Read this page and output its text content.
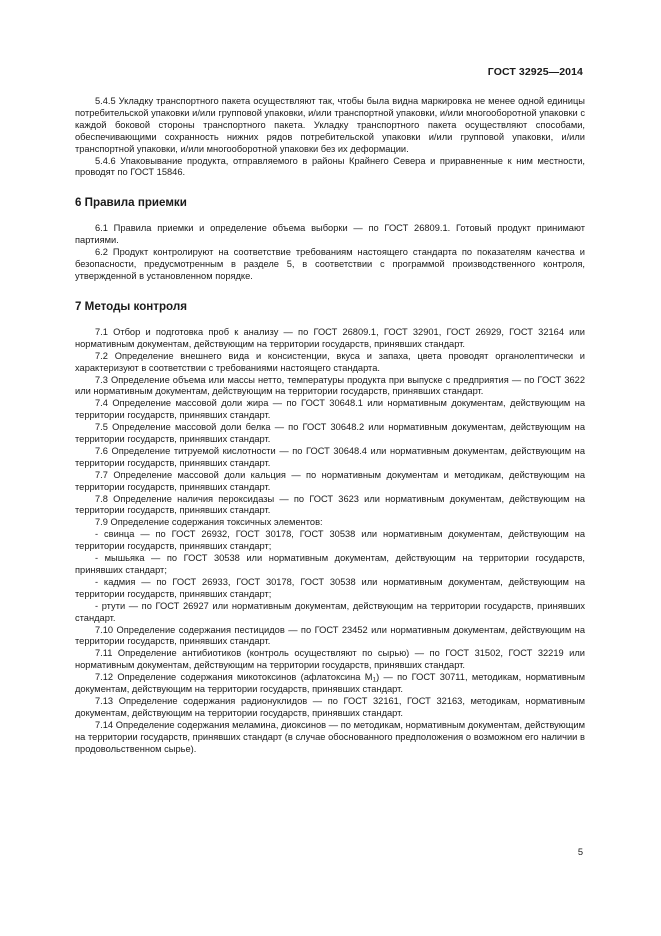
ГОСТ 32925—2014

5.4.5 Укладку транспортного пакета осуществляют так, чтобы была видна маркировка не менее одной единицы потребительской упаковки и/или групповой упаковки, и/или транспортной упаковки, и/или многооборотной упаковки с каждой боковой стороны транспортного пакета. Укладку транспортного пакета осуществляют способами, обеспечивающими сохранность нижних рядов потребительской упаковки и/или групповой упаковки, и/или транспортной упаковки, и/или многооборотной упаковки без их деформации.

5.4.6 Упаковывание продукта, отправляемого в районы Крайнего Севера и приравненные к ним местности, проводят по ГОСТ 15846.

6 Правила приемки

6.1 Правила приемки и определение объема выборки — по ГОСТ 26809.1. Готовый продукт принимают партиями.

6.2 Продукт контролируют на соответствие требованиям настоящего стандарта по показателям качества и безопасности, предусмотренным в разделе 5, в соответствии с программой производственного контроля, утвержденной в установленном порядке.

7 Методы контроля

7.1 Отбор и подготовка проб к анализу — по ГОСТ 26809.1, ГОСТ 32901, ГОСТ 26929, ГОСТ 32164 или нормативным документам, действующим на территории государств, принявших стандарт.

7.2 Определение внешнего вида и консистенции, вкуса и запаха, цвета проводят органолептически и характеризуют в соответствии с требованиями настоящего стандарта.

7.3 Определение объема или массы нетто, температуры продукта при выпуске с предприятия — по ГОСТ 3622 или нормативным документам, действующим на территории государств, принявших стандарт.

7.4 Определение массовой доли жира — по ГОСТ 30648.1 или нормативным документам, действующим на территории государств, принявших стандарт.

7.5 Определение массовой доли белка — по ГОСТ 30648.2 или нормативным документам, действующим на территории государств, принявших стандарт.

7.6 Определение титруемой кислотности — по ГОСТ 30648.4 или нормативным документам, действующим на территории государств, принявших стандарт.

7.7 Определение массовой доли кальция — по нормативным документам и методикам, действующим на территории государств, принявших стандарт.

7.8 Определение наличия пероксидазы — по ГОСТ 3623 или нормативным документам, действующим на территории государств, принявших стандарт.

7.9 Определение содержания токсичных элементов:

- свинца — по ГОСТ 26932, ГОСТ 30178, ГОСТ 30538 или нормативным документам, действующим на территории государств, принявших стандарт;

- мышьяка — по ГОСТ 30538 или нормативным документам, действующим на территории государств, принявших стандарт;

- кадмия — по ГОСТ 26933, ГОСТ 30178, ГОСТ 30538 или нормативным документам, действующим на территории государств, принявших стандарт;

- ртути — по ГОСТ 26927 или нормативным документам, действующим на территории государств, принявших стандарт.

7.10 Определение содержания пестицидов — по ГОСТ 23452 или нормативным документам, действующим на территории государств, принявших стандарт.

7.11 Определение антибиотиков (контроль осуществляют по сырью) — по ГОСТ 31502, ГОСТ 32219 или нормативным документам, действующим на территории государств, принявших стандарт.

7.12 Определение содержания микотоксинов (афлатоксина $M_1$) — по ГОСТ 30711, методикам, нормативным документам, действующим на территории государств, принявших стандарт.

7.13 Определение содержания радионуклидов — по ГОСТ 32161, ГОСТ 32163, методикам, нормативным документам, действующим на территории государств, принявших стандарт.

7.14 Определение содержания меламина, диоксинов — по методикам, нормативным документам, действующим на территории государств, принявших стандарт (в случае обоснованного предположения о возможном его наличии в продовольственном сырье).

5
